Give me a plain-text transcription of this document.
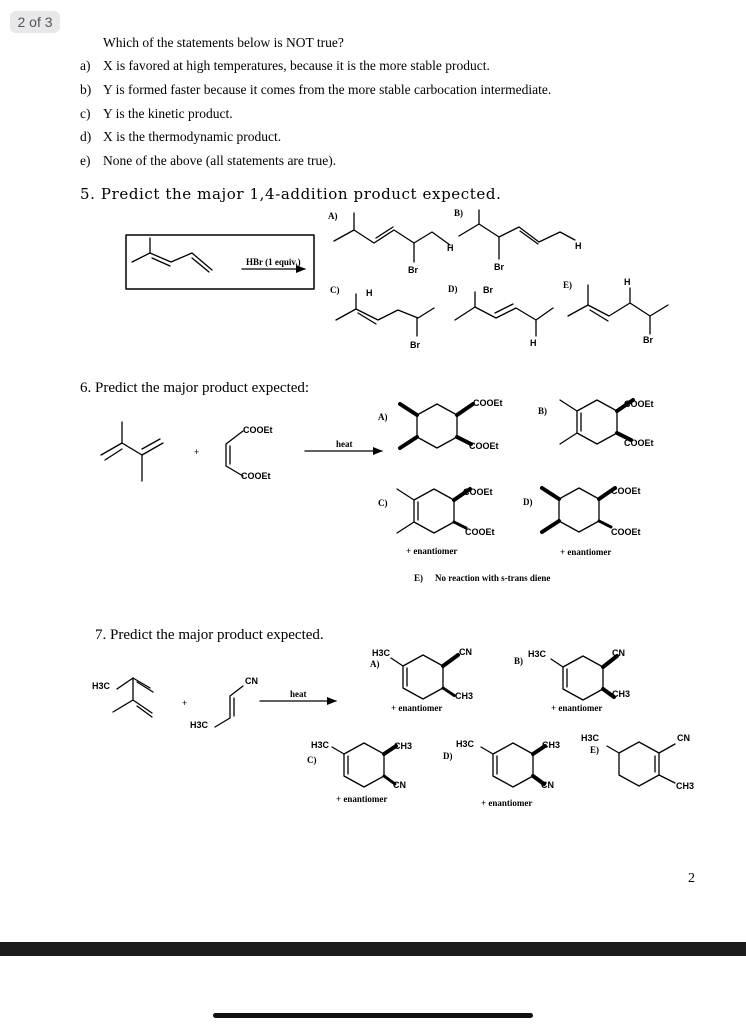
2 of 3
Which of the statements below is NOT true?
a) X is favored at high temperatures, because it is the more stable product.
b) Y is formed faster because it comes from the more stable carbocation intermediate.
c) Y is the kinetic product.
d) X is the thermodynamic product.
e) None of the above (all statements are true).
5. Predict the major 1,4-addition product expected.
6. Predict the major product expected:
7. Predict the major product expected.
HBr (1 equiv.)
A)	B)
C)	D)	E)
Br
H
Br
H
H
Br
Br
H
H
Br
+
COOEt
COOEt
heat
A)
B)
C)	D)
COOEt
COOEt
COOEt
COOEt
COOEt
COOEt
COOEt
COOEt
+ enantiomer	+ enantiomer
E) No reaction with s-trans diene
H3C
+
CN
H3C
heat
A)	B)
C)	D)
E)
H3C	CN
CH3
+ enantiomer
H3C	CN
CH3
+ enantiomer
H3C	CH3
CN
+ enantiomer
H3C	CH3
CN
+ enantiomer
H3C	CN
CH3
2
